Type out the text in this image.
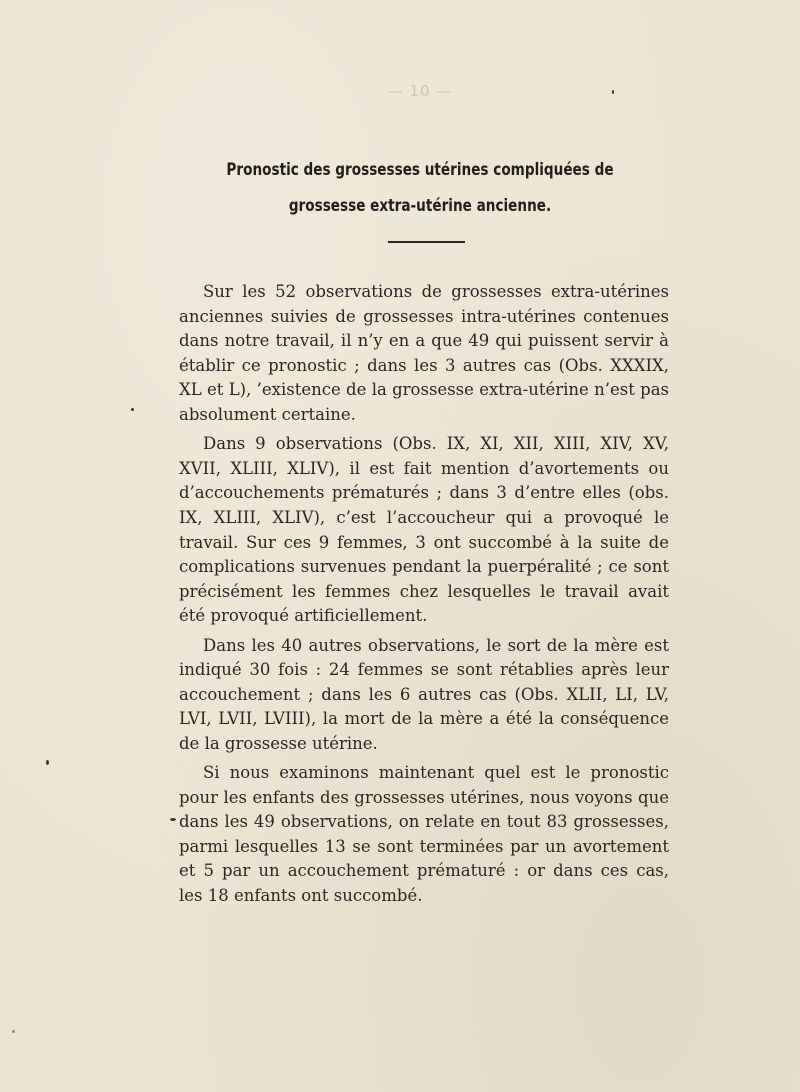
— 10 —
Pronostic des grossesses utérines compliquées de grossesse extra-utérine ancienne.

Sur les 52 observations de grossesses extra-utérines anciennes suivies de grossesses intra-utérines contenues dans notre travail, il n’y en a que 49 qui puissent servir à établir ce pronostic ; dans les 3 autres cas (Obs. XXXIX, XL et L), ’existence de la grossesse extra-utérine n’est pas absolument certaine.

Dans 9 observations (Obs. IX, XI, XII, XIII, XIV, XV, XVII, XLIII, XLIV), il est fait mention d’avortements ou d’accouchements prématurés ; dans 3 d’entre elles (obs. IX, XLIII, XLIV), c’est l’accoucheur qui a provoqué le travail. Sur ces 9 femmes, 3 ont succombé à la suite de complications survenues pendant la puerpéralité ; ce sont précisément les femmes chez lesquelles le travail avait été provoqué artificiellement.

Dans les 40 autres observations, le sort de la mère est indiqué 30 fois : 24 femmes se sont rétablies après leur accouchement ; dans les 6 autres cas (Obs. XLII, LI, LV, LVI, LVII, LVIII), la mort de la mère a été la conséquence de la grossesse utérine.

Si nous examinons maintenant quel est le pronostic pour les enfants des grossesses utérines, nous voyons que dans les 49 observations, on relate en tout 83 grossesses, parmi lesquelles 13 se sont terminées par un avortement et 5 par un accouchement prématuré : or dans ces cas, les 18 enfants ont succombé.
